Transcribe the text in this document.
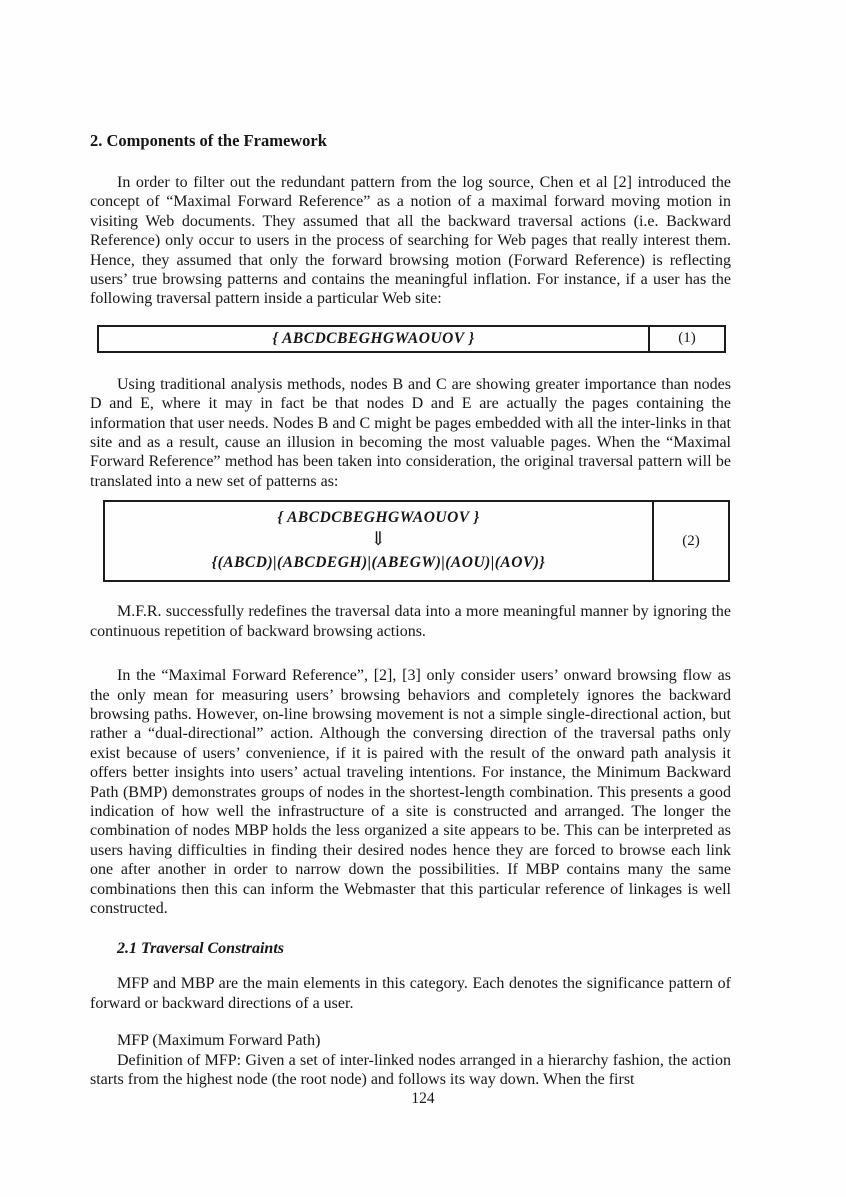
2. Components of the Framework

In order to filter out the redundant pattern from the log source, Chen et al [2] introduced the concept of “Maximal Forward Reference” as a notion of a maximal forward moving motion in visiting Web documents. They assumed that all the backward traversal actions (i.e. Backward Reference) only occur to users in the process of searching for Web pages that really interest them. Hence, they assumed that only the forward browsing motion (Forward Reference) is reflecting users’ true browsing patterns and contains the meaningful inflation. For instance, if a user has the following traversal pattern inside a particular Web site:

{ ABCDCBEGHGWAOUOV }	(1)

Using traditional analysis methods, nodes B and C are showing greater importance than nodes D and E, where it may in fact be that nodes D and E are actually the pages containing the information that user needs. Nodes B and C might be pages embedded with all the inter-links in that site and as a result, cause an illusion in becoming the most valuable pages. When the “Maximal Forward Reference” method has been taken into consideration, the original traversal pattern will be translated into a new set of patterns as:

{ ABCDCBEGHGWAOUOV }
⇓
{(ABCD)|(ABCDEGH)|(ABEGW)|(AOU)|(AOV)}
(2)

M.F.R. successfully redefines the traversal data into a more meaningful manner by ignoring the continuous repetition of backward browsing actions.

In the “Maximal Forward Reference”, [2], [3] only consider users’ onward browsing flow as the only mean for measuring users’ browsing behaviors and completely ignores the backward browsing paths. However, on-line browsing movement is not a simple single-directional action, but rather a “dual-directional” action. Although the conversing direction of the traversal paths only exist because of users’ convenience, if it is paired with the result of the onward path analysis it offers better insights into users’ actual traveling intentions. For instance, the Minimum Backward Path (BMP) demonstrates groups of nodes in the shortest-length combination. This presents a good indication of how well the infrastructure of a site is constructed and arranged. The longer the combination of nodes MBP holds the less organized a site appears to be. This can be interpreted as users having difficulties in finding their desired nodes hence they are forced to browse each link one after another in order to narrow down the possibilities. If MBP contains many the same combinations then this can inform the Webmaster that this particular reference of linkages is well constructed.

2.1 Traversal Constraints

MFP and MBP are the main elements in this category. Each denotes the significance pattern of forward or backward directions of a user.

MFP (Maximum Forward Path)

Definition of MFP: Given a set of inter-linked nodes arranged in a hierarchy fashion, the action starts from the highest node (the root node) and follows its way down. When the first

124
